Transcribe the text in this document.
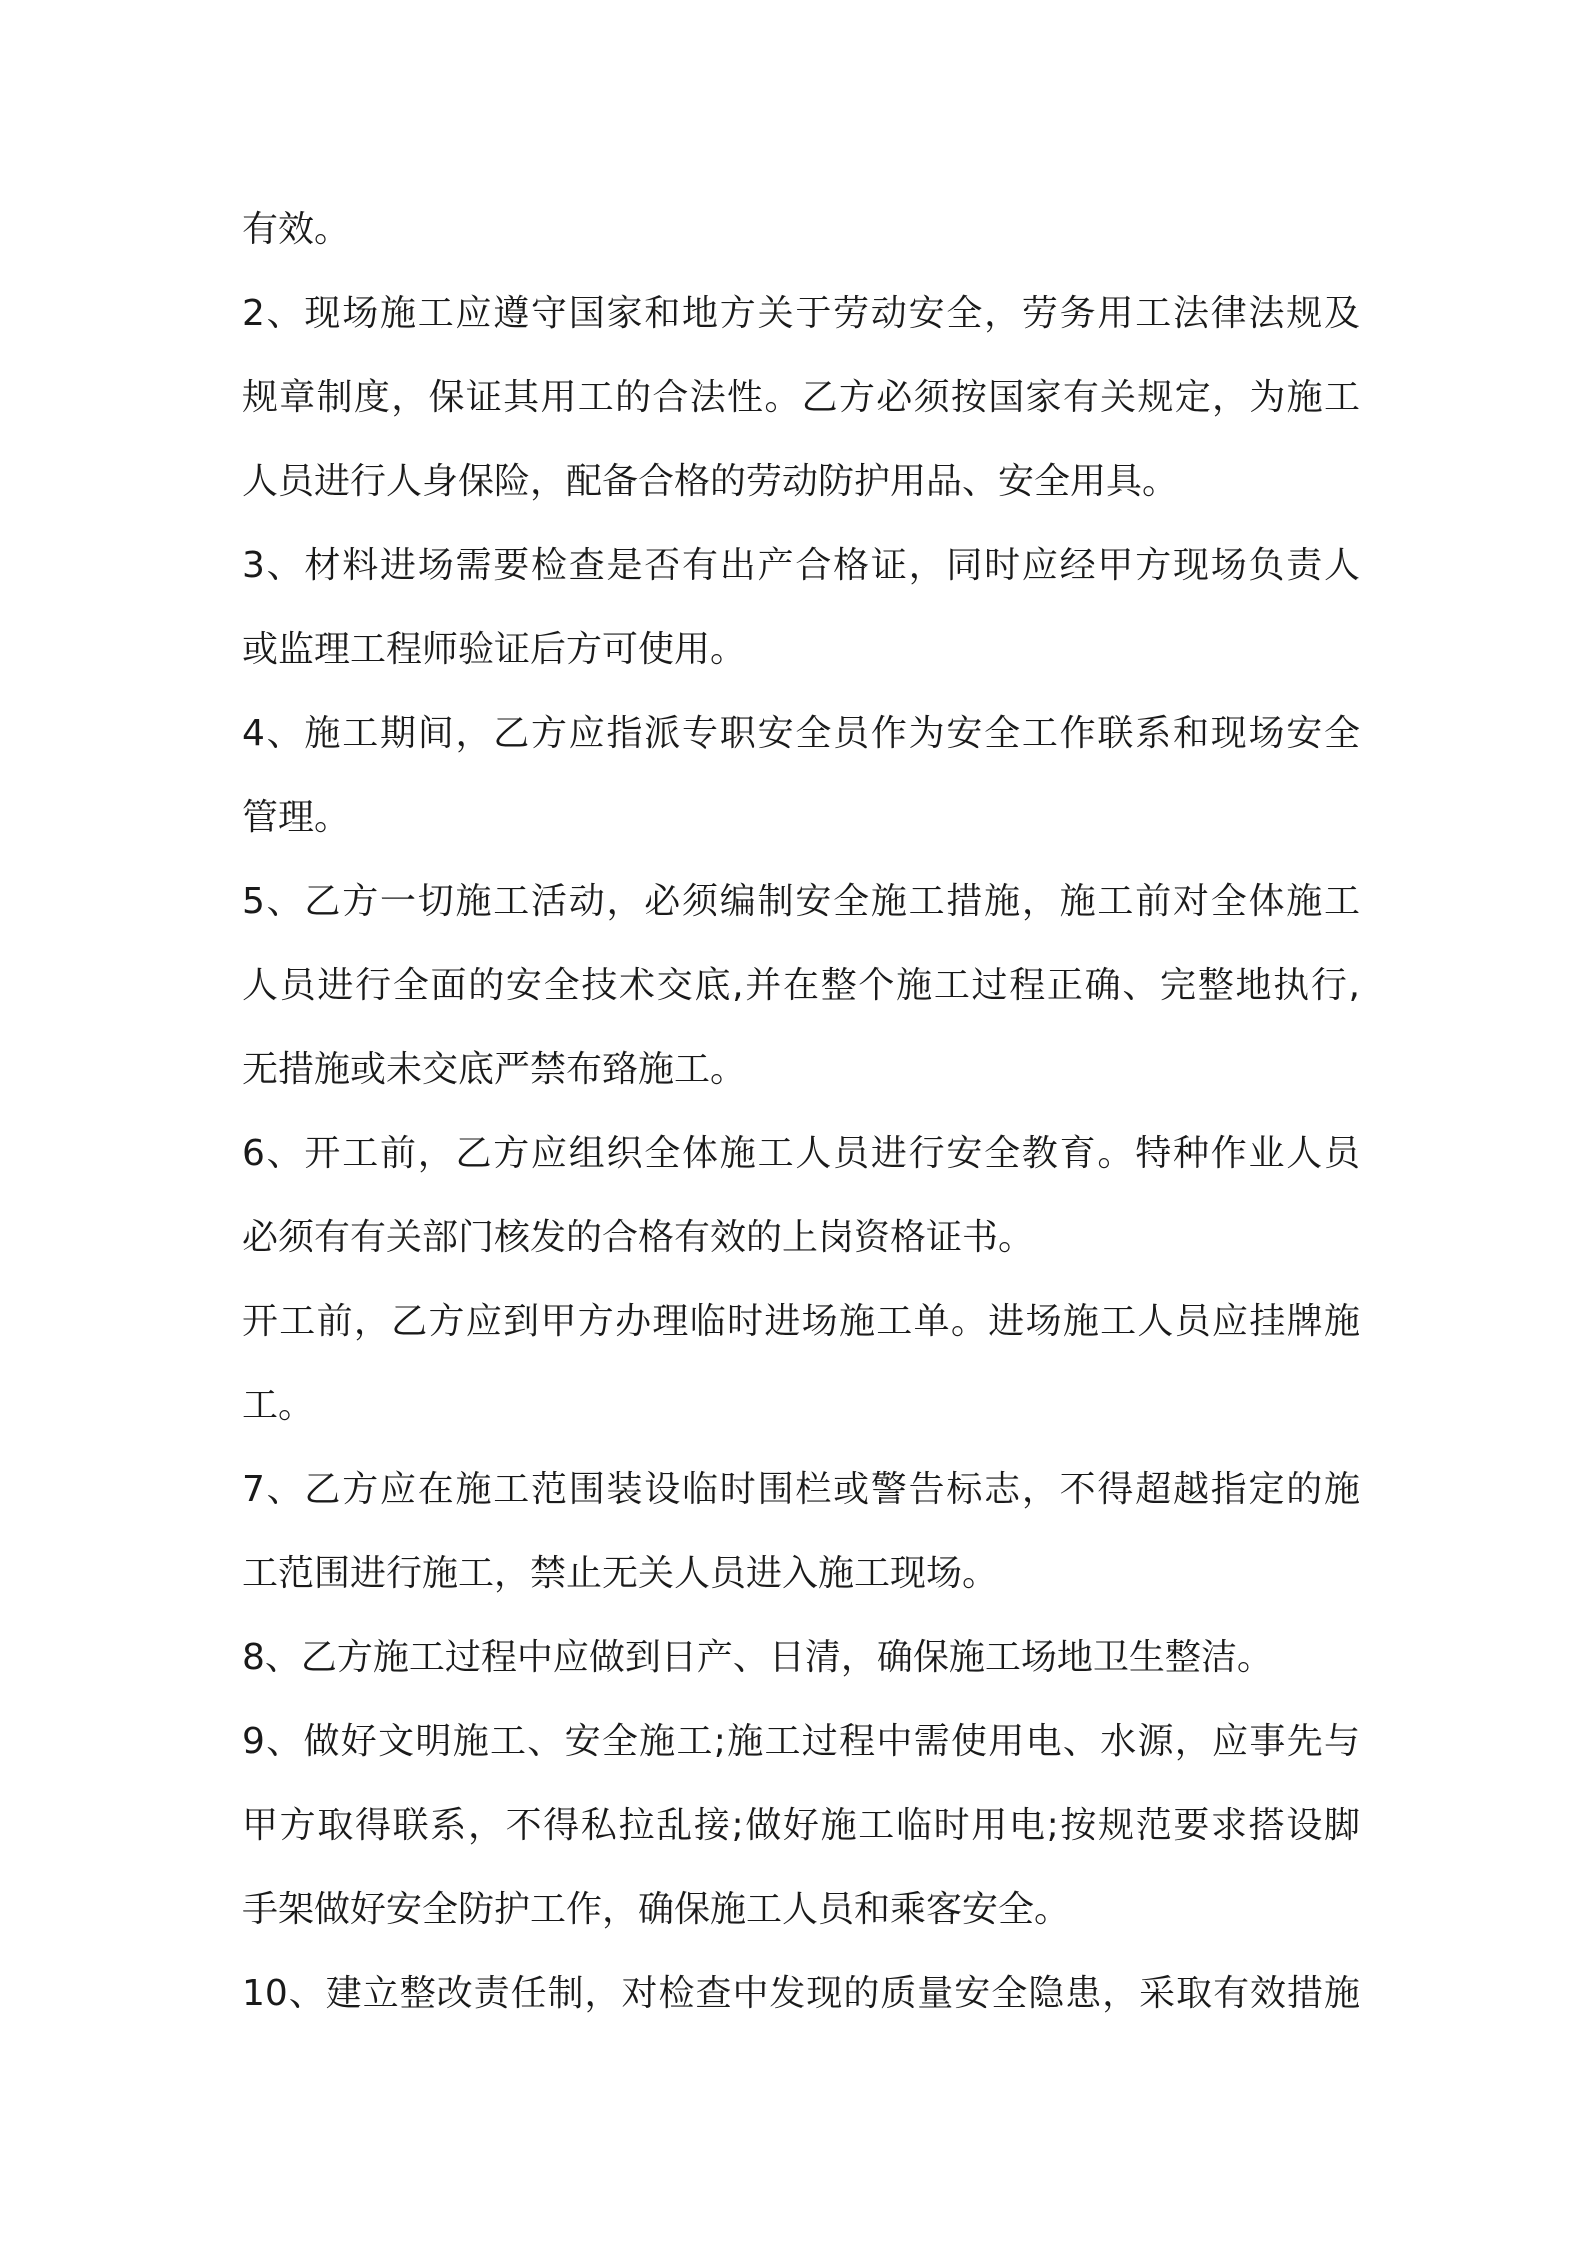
有效。
2、现场施工应遵守国家和地方关于劳动安全，劳务用工法律法规及
规章制度，保证其用工的合法性。乙方必须按国家有关规定，为施工
人员进行人身保险，配备合格的劳动防护用品、安全用具。
3、材料进场需要检查是否有出产合格证，同时应经甲方现场负责人
或监理工程师验证后方可使用。
4、施工期间，乙方应指派专职安全员作为安全工作联系和现场安全
管理。
5、乙方一切施工活动，必须编制安全施工措施，施工前对全体施工
人员进行全面的安全技术交底,并在整个施工过程正确、完整地执行,
无措施或未交底严禁布臵施工。
6、开工前，乙方应组织全体施工人员进行安全教育。特种作业人员
必须有有关部门核发的合格有效的上岗资格证书。
开工前，乙方应到甲方办理临时进场施工单。进场施工人员应挂牌施
工。
7、乙方应在施工范围装设临时围栏或警告标志，不得超越指定的施
工范围进行施工，禁止无关人员进入施工现场。
8、乙方施工过程中应做到日产、日清，确保施工场地卫生整洁。
9、做好文明施工、安全施工;施工过程中需使用电、水源，应事先与
甲方取得联系，不得私拉乱接;做好施工临时用电;按规范要求搭设脚
手架做好安全防护工作，确保施工人员和乘客安全。
10、建立整改责任制，对检查中发现的质量安全隐患，采取有效措施
